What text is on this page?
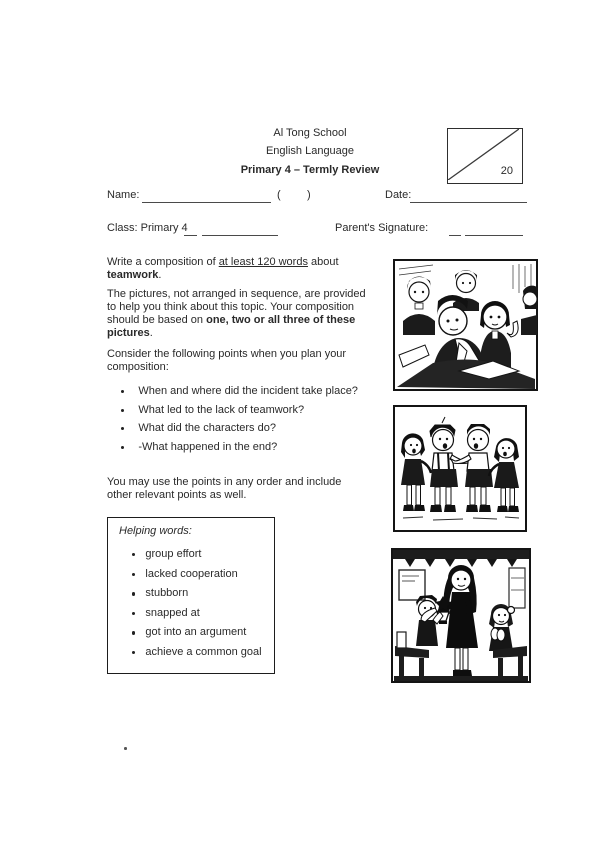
Al Tong School
English Language
Primary 4 – Termly Review	20
Name:	( )	Date:
Class: Primary 4	Parent's Signature:
Write a composition of at least 120 words about
teamwork.
The pictures, not arranged in sequence, are provided
to help you think about this topic. Your composition
should be based on one, two or all three of these
pictures.
Consider the following points when you plan your
composition:
When and where did the incident take place?
What led to the lack of teamwork?
What did the characters do?
-What happened in the end?
You may use the points in any order and include
other relevant points as well.
Helping words:
group effort
lacked cooperation
stubborn
snapped at
got into an argument
achieve a common goal
